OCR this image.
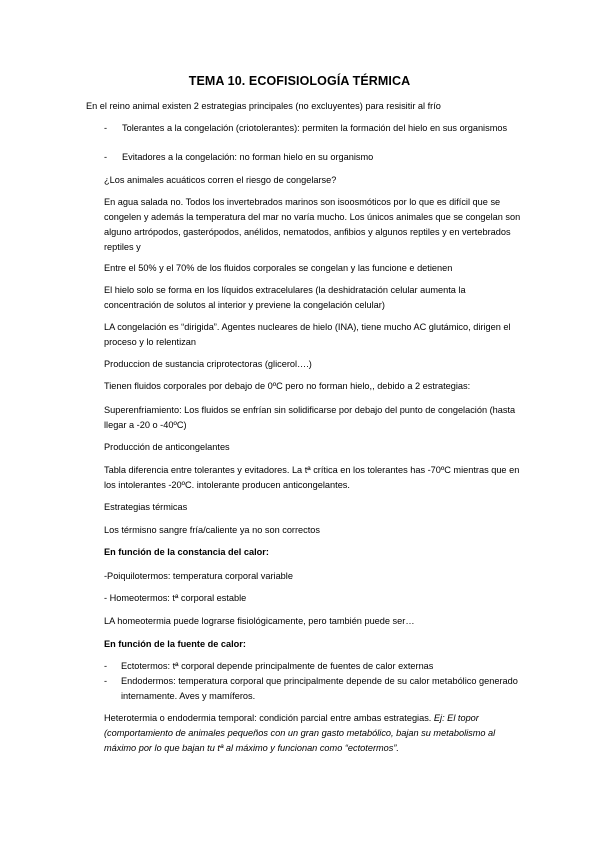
TEMA 10. ECOFISIOLOGÍA TÉRMICA

En el reino animal existen 2 estrategias principales (no excluyentes) para resisitir al frío

- Tolerantes a la congelación (criotolerantes): permiten la formación del hielo en sus organismos
- Evitadores a la congelación: no forman hielo en su organismo

¿Los animales acuáticos corren el riesgo de congelarse?

En agua salada no. Todos los invertebrados marinos son isoosmóticos por lo que es difícil que se congelen y además la temperatura del mar no varía mucho. Los únicos animales que se congelan son alguno artrópodos, gasterópodos, anélidos, nematodos, anfibios y algunos reptiles y en vertebrados reptiles y

Entre el 50% y el 70% de los fluidos corporales se congelan y las funcione e detienen

El hielo solo se forma en los líquidos extracelulares (la deshidratación celular aumenta la concentración de solutos al interior y previene la congelación celular)

LA congelación es “dirigida”. Agentes nucleares de hielo (INA), tiene mucho AC glutámico, dirigen el proceso y lo relentizan

Produccion de sustancia criprotectoras (glicerol….)

Tienen fluidos corporales por debajo de 0ºC pero no forman hielo,, debido a 2 estrategias:

Superenfriamiento: Los fluidos se enfrían sin solidificarse por debajo del punto de congelación (hasta llegar a -20 o -40ºC)

Producción de anticongelantes

Tabla diferencia entre tolerantes y evitadores. La tª crítica en los tolerantes has -70ºC mientras que en los intolerantes -20ºC. intolerante producen anticongelantes.

Estrategias térmicas

Los térmisno sangre fría/caliente ya no son correctos

En función de la constancia del calor:

-Poiquilotermos: temperatura corporal variable

- Homeotermos: tª corporal estable

LA homeotermia puede lograrse fisiológicamente, pero también puede ser…

En función de la fuente de calor:

- Ectotermos: tª corporal depende principalmente de fuentes de calor externas
- Endodermos: temperatura corporal que principalmente depende de su calor metabólico generado internamente. Aves y mamíferos.

Heterotermia o endodermia temporal: condición parcial entre ambas estrategias. Ej: El topor (comportamiento de animales pequeños con un gran gasto metabólico, bajan su metabolismo al máximo por lo que bajan tu tª al máximo y funcionan como “ectotermos”.
